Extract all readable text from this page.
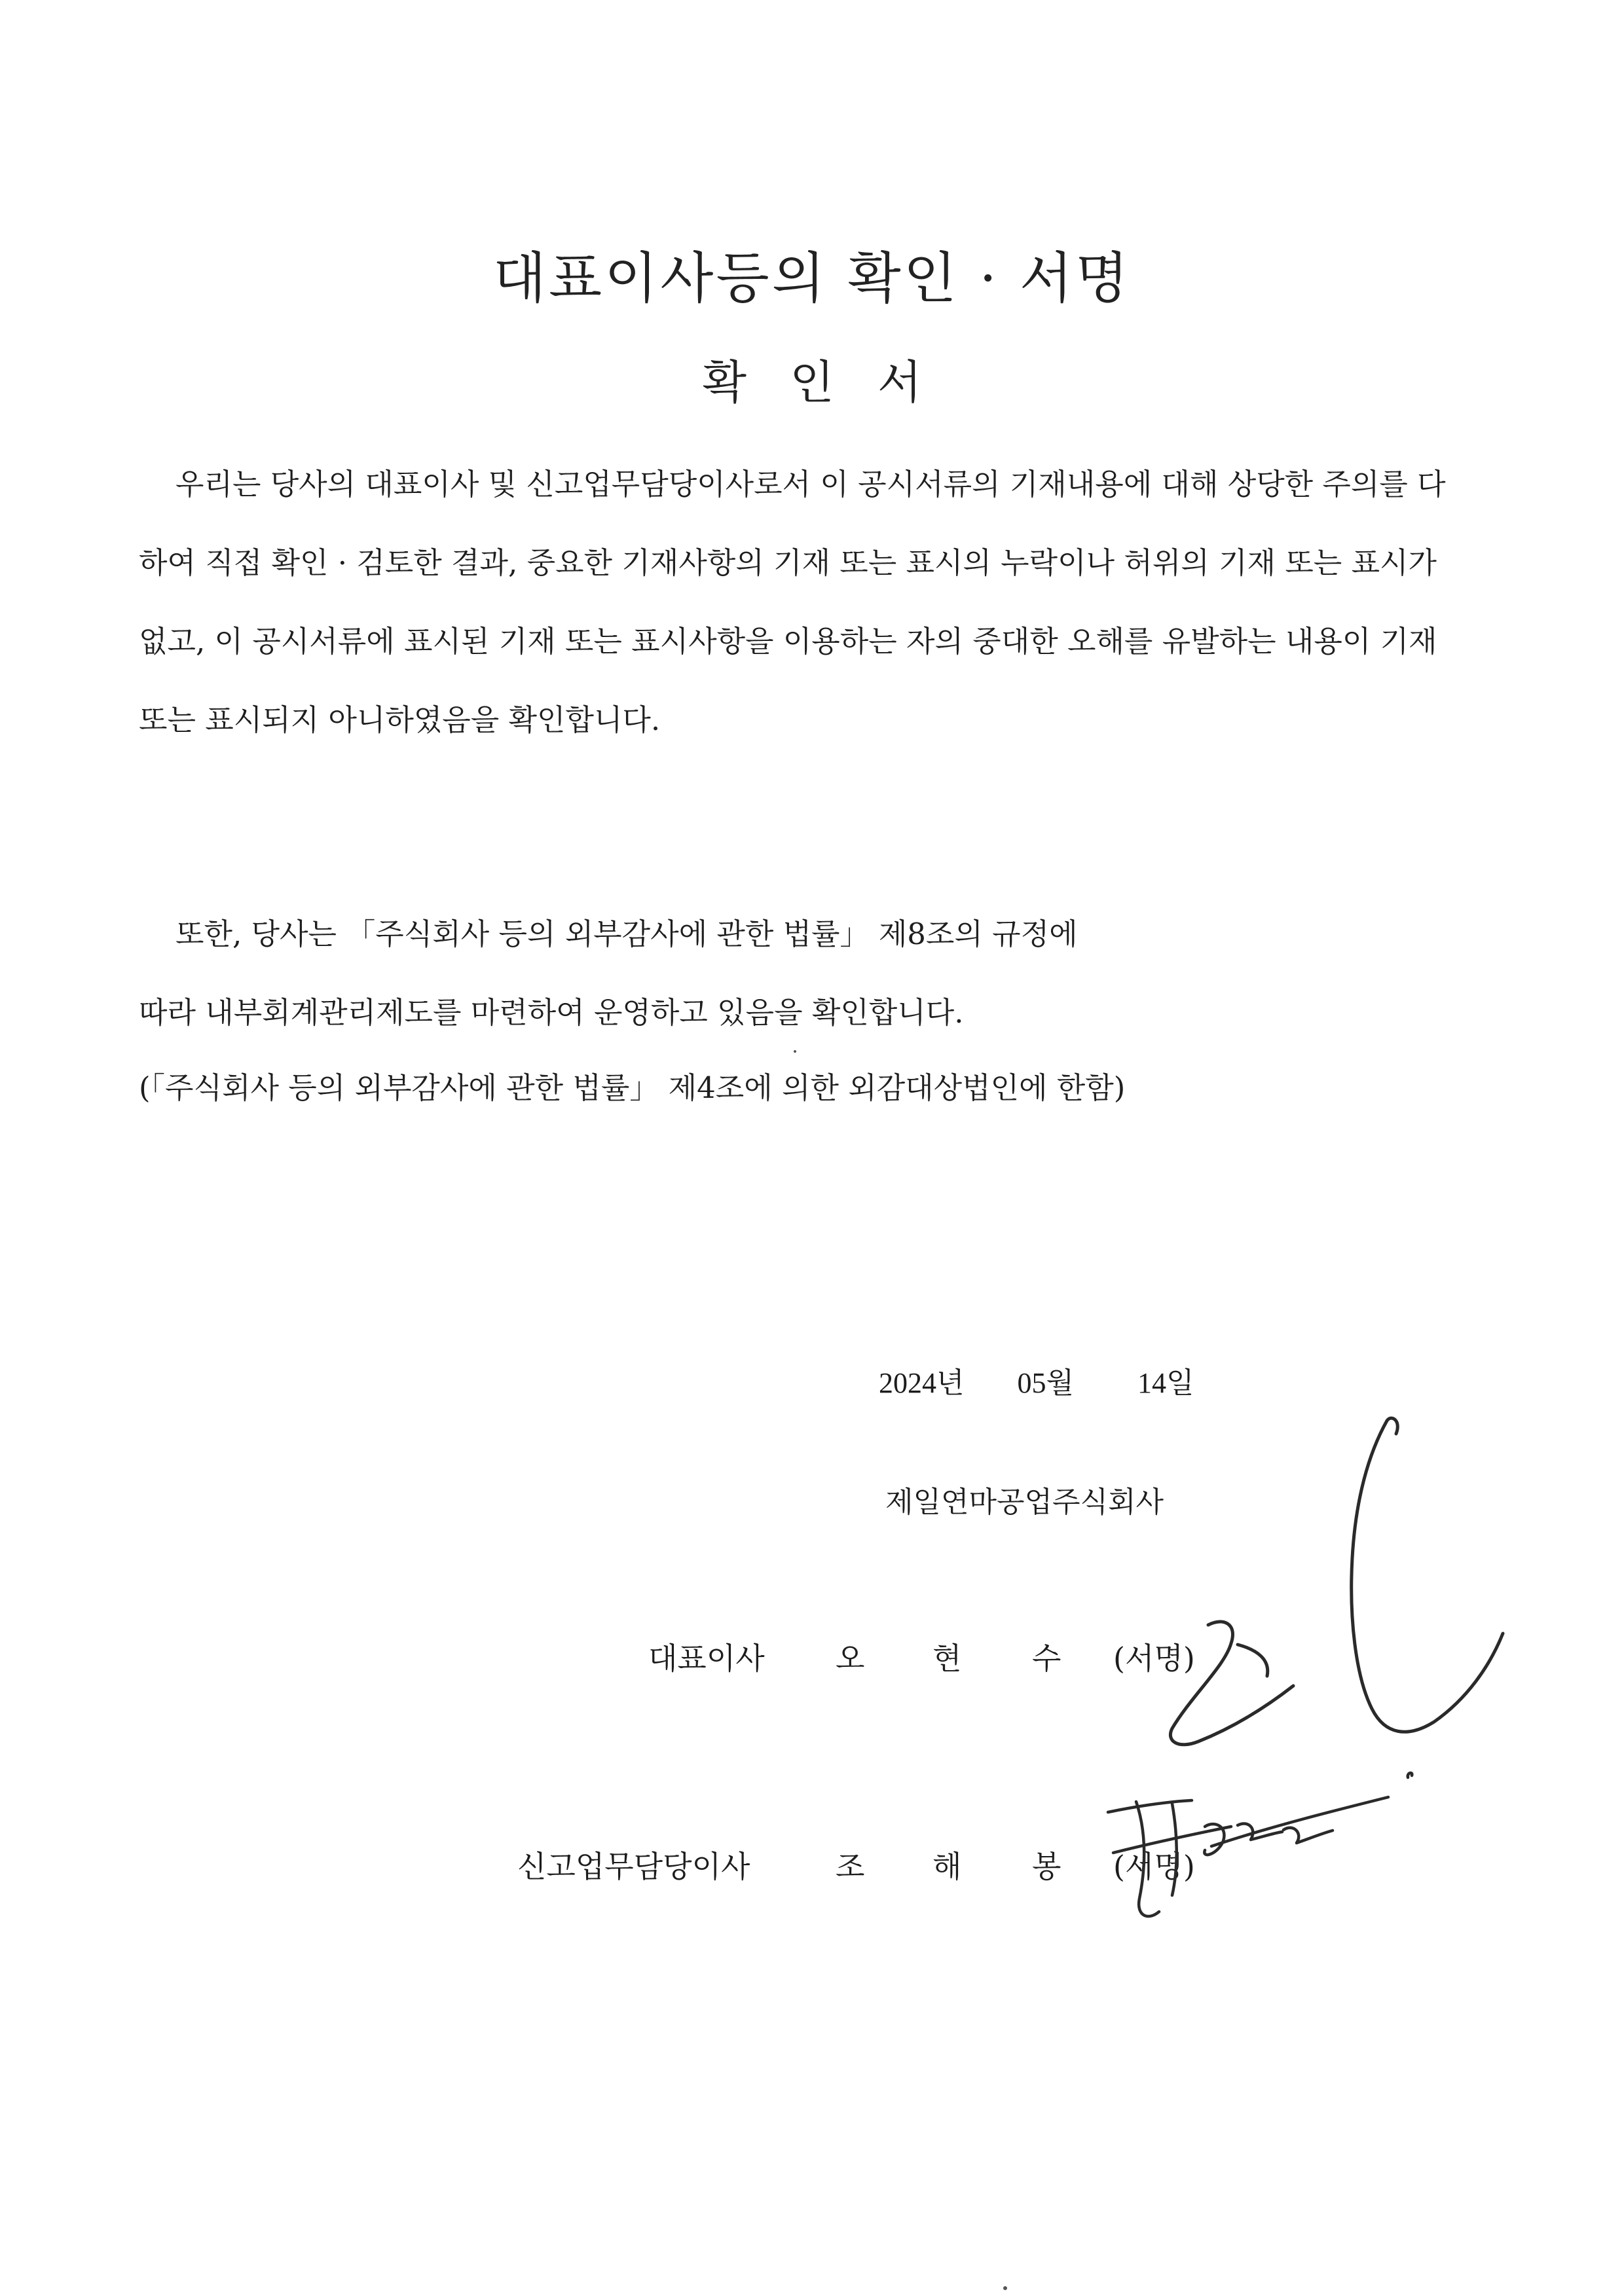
대표이사등의 확인 · 서명
확 인 서
우리는 당사의 대표이사 및 신고업무담당이사로서 이 공시서류의 기재내용에 대해 상당한 주의를 다하여 직접 확인 · 검토한 결과, 중요한 기재사항의 기재 또는 표시의 누락이나 허위의 기재 또는 표시가 없고, 이 공시서류에 표시된 기재 또는 표시사항을 이용하는 자의 중대한 오해를 유발하는 내용이 기재 또는 표시되지 아니하였음을 확인합니다.
또한, 당사는 「주식회사 등의 외부감사에 관한 법률」 제8조의 규정에
따라 내부회계관리제도를 마련하여 운영하고 있음을 확인합니다.
(「주식회사 등의 외부감사에 관한 법률」 제4조에 의한 외감대상법인에 한함)
2024년 05월 14일
제일연마공업주식회사
대표이사 오 현 수 (서명)
신고업무담당이사	조 해 봉 (서명)
